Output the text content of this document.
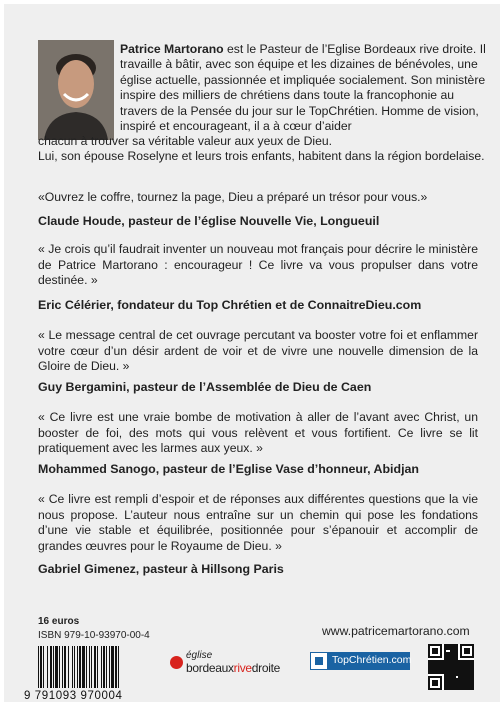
Patrice Martorano est le Pasteur de l’Eglise Bordeaux rive droite. Il travaille à bâtir, avec son équipe et les dizaines de bénévoles, une église actuelle, passionnée et impliquée socialement. Son ministère inspire des milliers de chrétiens dans toute la francophonie au travers de la Pensée du jour sur le TopChrétien. Homme de vision, inspiré et encourageant, il a à cœur d’aider
chacun à trouver sa véritable valeur aux yeux de Dieu.
Lui, son épouse Roselyne et leurs trois enfants, habitent dans la région bordelaise.
«Ouvrez le coffre, tournez la page, Dieu a préparé un trésor pour vous.»
Claude Houde, pasteur de l’église Nouvelle Vie, Longueuil
« Je crois qu’il faudrait inventer un nouveau mot français pour décrire le ministère de Patrice Martorano : encourageur ! Ce livre va vous propulser dans votre destinée. »
Eric Célérier, fondateur du Top Chrétien et de ConnaitreDieu.com
« Le message central de cet ouvrage percutant va booster votre foi et enflammer votre cœur d’un désir ardent de voir et de vivre une nouvelle dimension de la Gloire de Dieu. »
Guy Bergamini, pasteur de l’Assemblée de Dieu de Caen
« Ce livre est une vraie bombe de motivation à aller de l’avant avec Christ, un booster de foi, des mots qui vous relèvent et vous fortifient. Ce livre se lit pratiquement avec les larmes aux yeux. »
Mohammed Sanogo, pasteur de l’Eglise Vase d’honneur, Abidjan
« Ce livre est rempli d’espoir et de réponses aux différentes questions que la vie nous propose. L’auteur nous entraîne sur un chemin qui pose les fondations d’une vie stable et équilibrée, positionnée pour s’épanouir et accomplir de grandes œuvres pour le Royaume de Dieu. »
Gabriel Gimenez, pasteur à Hillsong Paris
16 euros
ISBN 979-10-93970-00-4	www.patricemartorano.com
9 791093 970004
église
bordeauxrivedroite
TopChrétien.com
